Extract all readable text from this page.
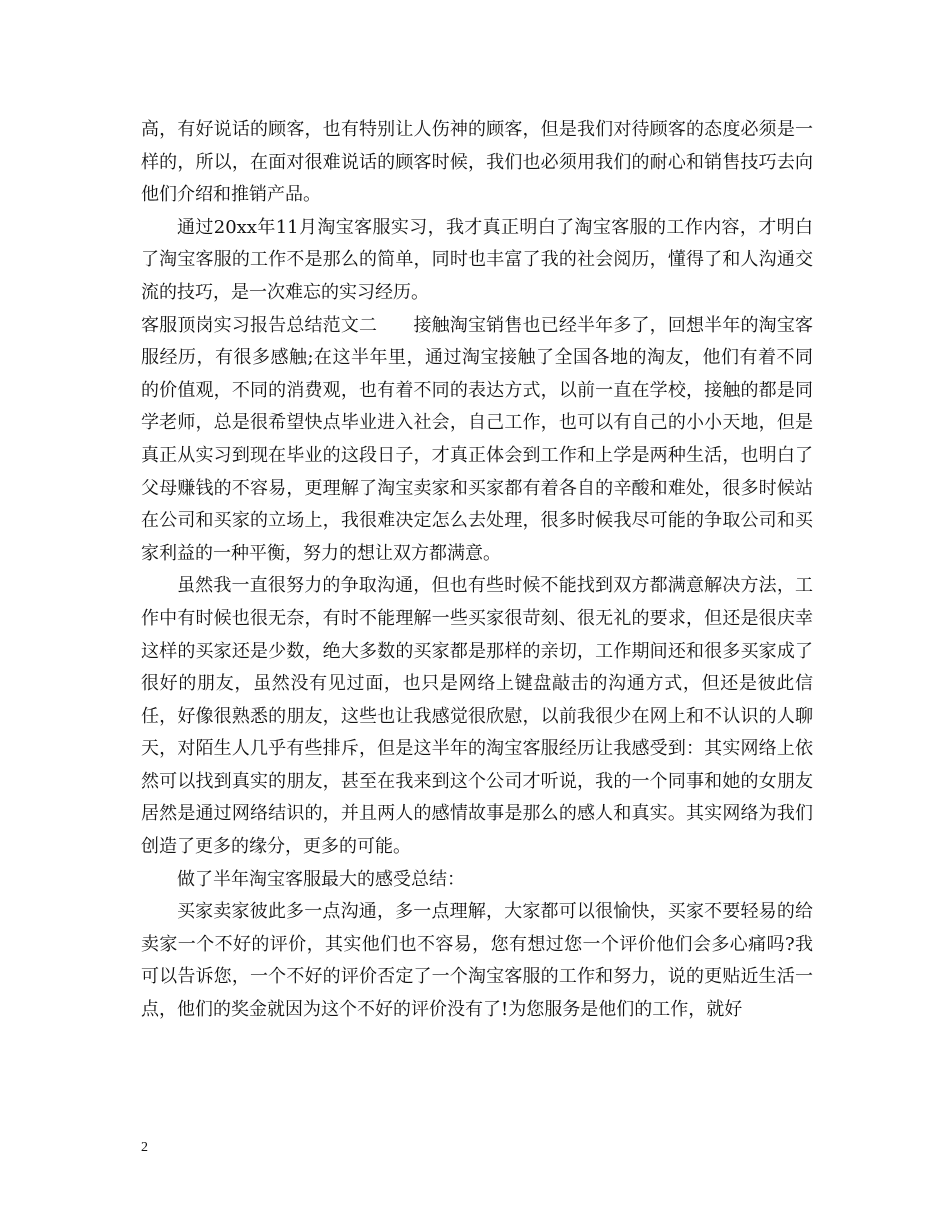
高，有好说话的顾客，也有特别让人伤神的顾客，但是我们对待顾客的态度必须是一样的，所以，在面对很难说话的顾客时候，我们也必须用我们的耐心和销售技巧去向他们介绍和推销产品。

通过20xx年11月淘宝客服实习，我才真正明白了淘宝客服的工作内容，才明白了淘宝客服的工作不是那么的简单，同时也丰富了我的社会阅历，懂得了和人沟通交流的技巧，是一次难忘的实习经历。

客服顶岗实习报告总结范文二　　接触淘宝销售也已经半年多了，回想半年的淘宝客服经历，有很多感触;在这半年里，通过淘宝接触了全国各地的淘友，他们有着不同的价值观，不同的消费观，也有着不同的表达方式，以前一直在学校，接触的都是同学老师，总是很希望快点毕业进入社会，自己工作，也可以有自己的小小天地，但是真正从实习到现在毕业的这段日子，才真正体会到工作和上学是两种生活，也明白了父母赚钱的不容易，更理解了淘宝卖家和买家都有着各自的辛酸和难处，很多时候站在公司和买家的立场上，我很难决定怎么去处理，很多时候我尽可能的争取公司和买家利益的一种平衡，努力的想让双方都满意。

虽然我一直很努力的争取沟通，但也有些时候不能找到双方都满意解决方法，工作中有时候也很无奈，有时不能理解一些买家很苛刻、很无礼的要求，但还是很庆幸这样的买家还是少数，绝大多数的买家都是那样的亲切，工作期间还和很多买家成了很好的朋友，虽然没有见过面，也只是网络上键盘敲击的沟通方式，但还是彼此信任，好像很熟悉的朋友，这些也让我感觉很欣慰，以前我很少在网上和不认识的人聊天，对陌生人几乎有些排斥，但是这半年的淘宝客服经历让我感受到：其实网络上依然可以找到真实的朋友，甚至在我来到这个公司才听说，我的一个同事和她的女朋友居然是通过网络结识的，并且两人的感情故事是那么的感人和真实。其实网络为我们创造了更多的缘分，更多的可能。

做了半年淘宝客服最大的感受总结：

买家卖家彼此多一点沟通，多一点理解，大家都可以很愉快，买家不要轻易的给卖家一个不好的评价，其实他们也不容易，您有想过您一个评价他们会多心痛吗?我可以告诉您，一个不好的评价否定了一个淘宝客服的工作和努力，说的更贴近生活一点，他们的奖金就因为这个不好的评价没有了!为您服务是他们的工作，就好

2
